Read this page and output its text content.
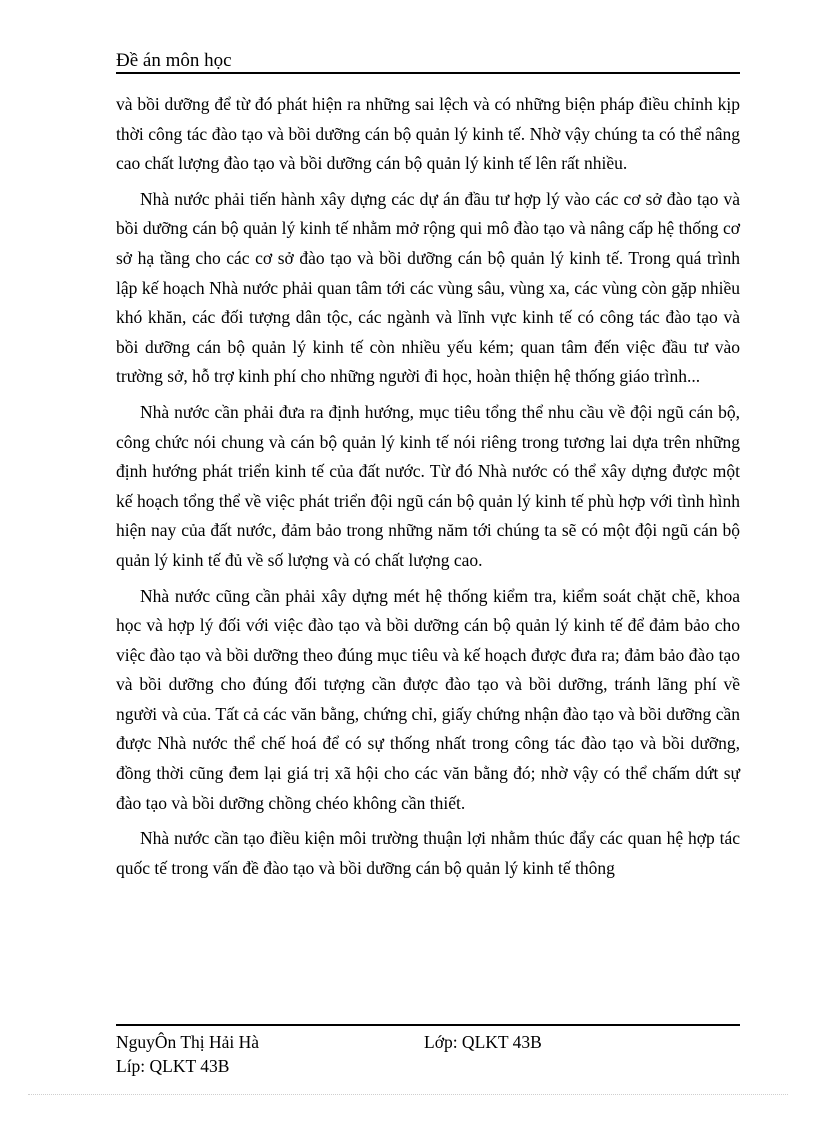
Đề án môn học

và bồi dưỡng để từ đó phát hiện ra những sai lệch và có những biện pháp điều chỉnh kịp thời công tác đào tạo và bồi dưỡng cán bộ quản lý kinh tế. Nhờ vậy chúng ta có thể nâng cao chất lượng đào tạo và bồi dưỡng cán bộ quản lý kinh tế lên rất nhiều.

Nhà nước phải tiến hành xây dựng các dự án đầu tư hợp lý vào các cơ sở đào tạo và bồi dưỡng cán bộ quản lý kinh tế nhằm mở rộng qui mô đào tạo và nâng cấp hệ thống cơ sở hạ tầng cho các cơ sở đào tạo và bồi dưỡng cán bộ quản lý kinh tế. Trong quá trình lập kế hoạch Nhà nước phải quan tâm tới các vùng sâu, vùng xa, các vùng còn gặp nhiều khó khăn, các đối tượng dân tộc, các ngành và lĩnh vực kinh tế có công tác đào tạo và bồi dưỡng cán bộ quản lý kinh tế còn nhiều yếu kém; quan tâm đến việc đầu tư vào trường sở, hỗ trợ kinh phí cho những người đi học, hoàn thiện hệ thống giáo trình...

Nhà nước cần phải đưa ra định hướng, mục tiêu tổng thể nhu cầu về đội ngũ cán bộ, công chức nói chung và cán bộ quản lý kinh tế nói riêng trong tương lai dựa trên những định hướng phát triển kinh tế của đất nước. Từ đó Nhà nước có thể xây dựng được một kế hoạch tổng thể về việc phát triển đội ngũ cán bộ quản lý kinh tế phù hợp với tình hình hiện nay của đất nước, đảm bảo trong những năm tới chúng ta sẽ có một đội ngũ cán bộ quản lý kinh tế đủ về số lượng và có chất lượng cao.

Nhà nước cũng cần phải xây dựng mét hệ thống kiểm tra, kiểm soát chặt chẽ, khoa học và hợp lý đối với việc đào tạo và bồi dưỡng cán bộ quản lý kinh tế để đảm bảo cho việc đào tạo và bồi dưỡng theo đúng mục tiêu và kế hoạch được đưa ra; đảm bảo đào tạo và bồi dưỡng cho đúng đối tượng cần được đào tạo và bồi dưỡng, tránh lãng phí về người và của. Tất cả các văn bằng, chứng chỉ, giấy chứng nhận đào tạo và bồi dưỡng cần được Nhà nước thể chế hoá để có sự thống nhất trong công tác đào tạo và bồi dưỡng, đồng thời cũng đem lại giá trị xã hội cho các văn bằng đó; nhờ vậy có thể chấm dứt sự đào tạo và bồi dưỡng chồng chéo không cần thiết.

Nhà nước cần tạo điều kiện môi trường thuận lợi nhằm thúc đẩy các quan hệ hợp tác quốc tế trong vấn đề đào tạo và bồi dưỡng cán bộ quản lý kinh tế thông

NguyÔn Thị Hải Hà	Lớp: QLKT 43B
Líp: QLKT 43B
